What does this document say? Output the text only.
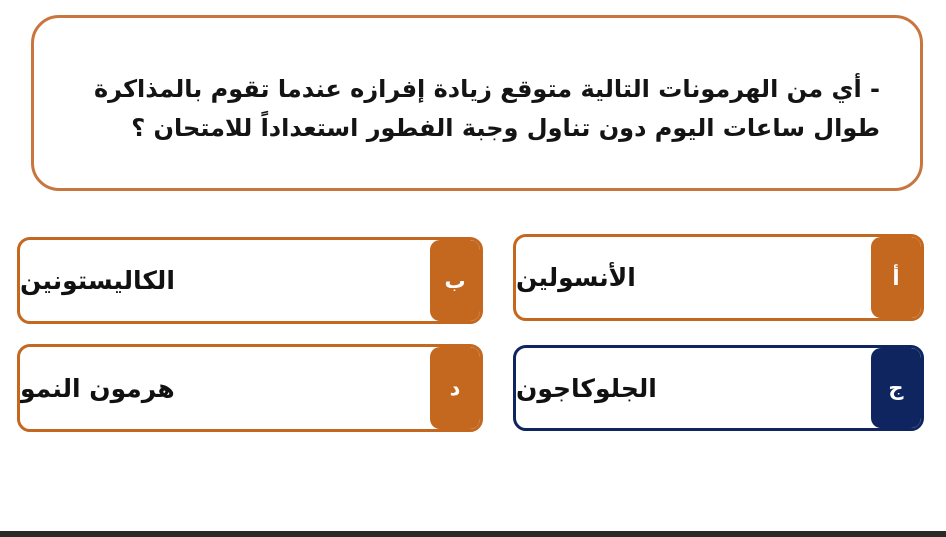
- أي من الهرمونات التالية متوقع زيادة إفرازه عندما تقوم بالمذاكرة طوال ساعات اليوم دون تناول وجبة الفطور استعداداً للامتحان ؟
الأنسولين	أ
الكاليستونين	ب
الجلوكاجون	ج
هرمون النمو	د
